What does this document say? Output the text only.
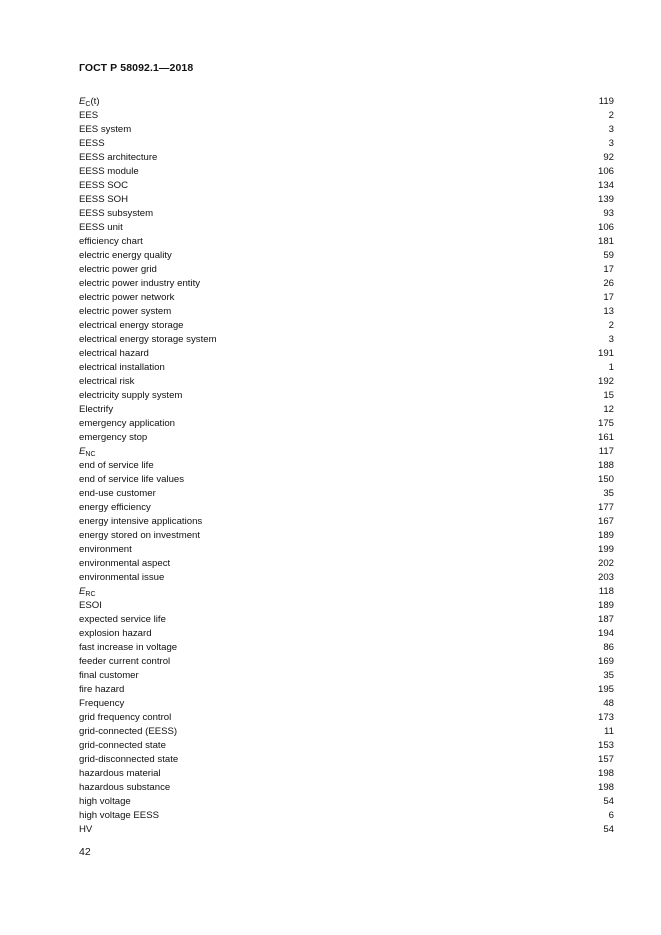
ГОСТ Р 58092.1—2018
$E_C(t)$	119
EES	2
EES system	3
EESS	3
EESS architecture	92
EESS module	106
EESS SOC	134
EESS SOH	139
EESS subsystem	93
EESS unit	106
efficiency chart	181
electric energy quality	59
electric power grid	17
electric power industry entity	26
electric power network	17
electric power system	13
electrical energy storage	2
electrical energy storage system	3
electrical hazard	191
electrical installation	1
electrical risk	192
electricity supply system	15
Electrify	12
emergency application	175
emergency stop	161
$E_{NC}$	117
end of service life	188
end of service life values	150
end-use customer	35
energy efficiency	177
energy intensive applications	167
energy stored on investment	189
environment	199
environmental aspect	202
environmental issue	203
$E_{RC}$	118
ESOI	189
expected service life	187
explosion hazard	194
fast increase in voltage	86
feeder current control	169
final customer	35
fire hazard	195
Frequency	48
grid frequency control	173
grid-connected (EESS)	11
grid-connected state	153
grid-disconnected state	157
hazardous material	198
hazardous substance	198
high voltage	54
high voltage EESS	6
HV	54
42
